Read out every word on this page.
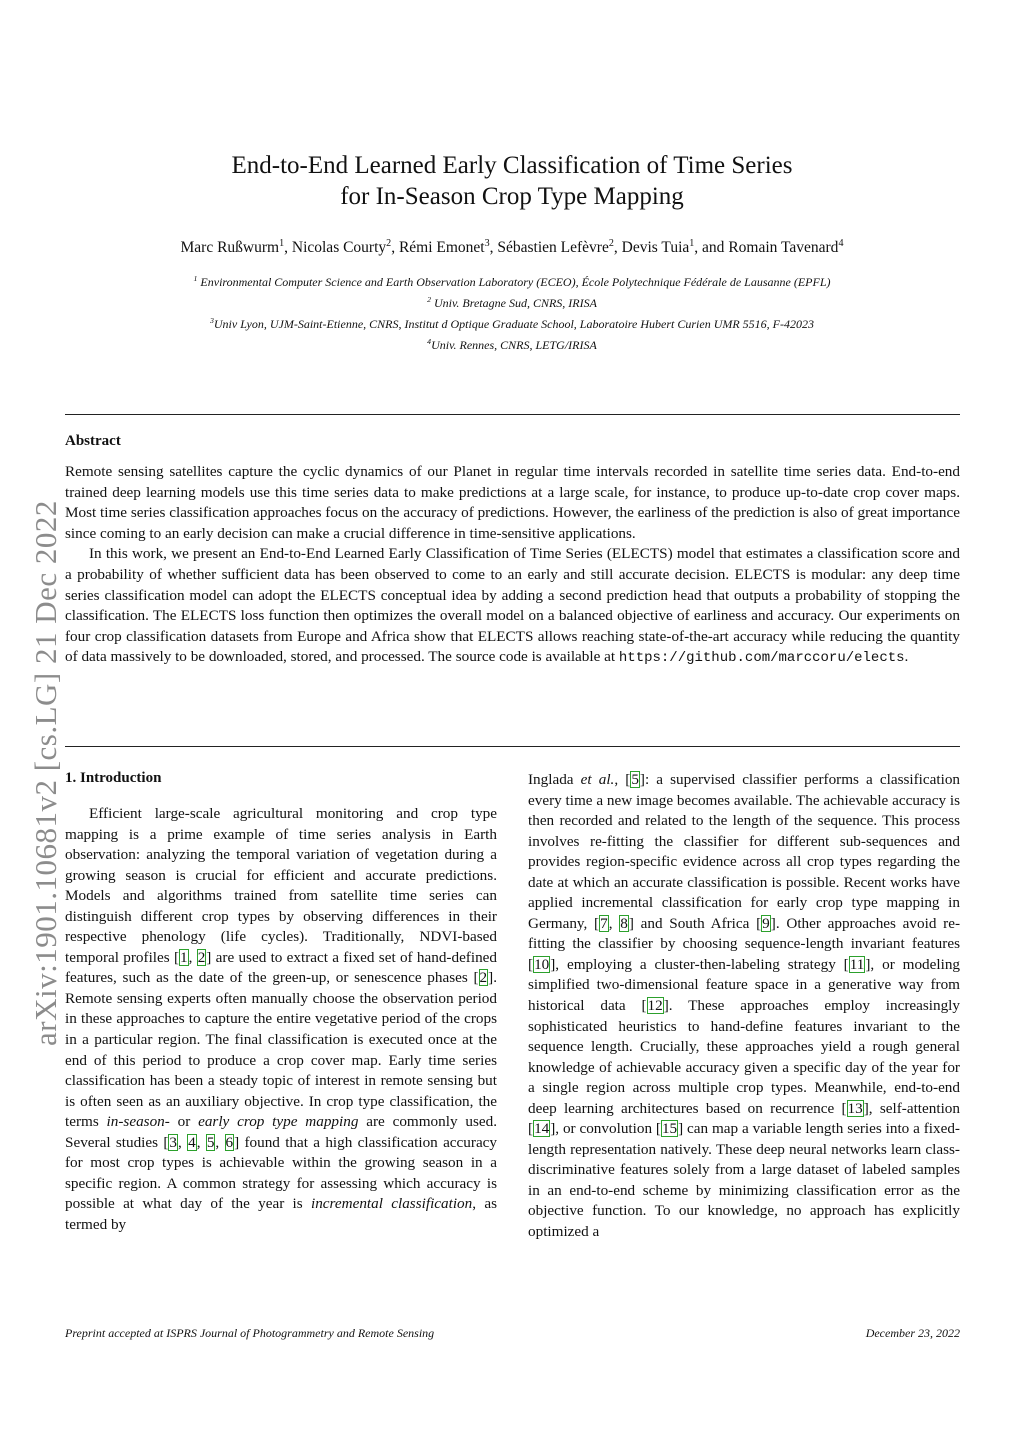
arXiv:1901.10681v2 [cs.LG] 21 Dec 2022
End-to-End Learned Early Classification of Time Series
for In-Season Crop Type Mapping
Marc Rußwurm$^1$, Nicolas Courty$^2$, Rémi Emonet$^3$, Sébastien Lefèvre$^2$, Devis Tuia$^1$, and Romain Tavenard$^4$
$^1$ Environmental Computer Science and Earth Observation Laboratory (ECEO), École Polytechnique Fédérale de Lausanne (EPFL)
$^2$ Univ. Bretagne Sud, CNRS, IRISA
$^3$Univ Lyon, UJM-Saint-Etienne, CNRS, Institut d Optique Graduate School, Laboratoire Hubert Curien UMR 5516, F-42023
$^4$Univ. Rennes, CNRS, LETG/IRISA
Abstract

Remote sensing satellites capture the cyclic dynamics of our Planet in regular time intervals recorded in satellite time series data. End-to-end trained deep learning models use this time series data to make predictions at a large scale, for instance, to produce up-to-date crop cover maps. Most time series classification approaches focus on the accuracy of predictions. However, the earliness of the prediction is also of great importance since coming to an early decision can make a crucial difference in time-sensitive applications.

In this work, we present an End-to-End Learned Early Classification of Time Series (ELECTS) model that estimates a classification score and a probability of whether sufficient data has been observed to come to an early and still accurate decision. ELECTS is modular: any deep time series classification model can adopt the ELECTS conceptual idea by adding a second prediction head that outputs a probability of stopping the classification. The ELECTS loss function then optimizes the overall model on a balanced objective of earliness and accuracy. Our experiments on four crop classification datasets from Europe and Africa show that ELECTS allows reaching state-of-the-art accuracy while reducing the quantity of data massively to be downloaded, stored, and processed. The source code is available at https://github.com/marccoru/elects.

1. Introduction
Efficient large-scale agricultural monitoring and crop type mapping is a prime example of time series analysis in Earth observation: analyzing the temporal variation of vegetation during a growing season is crucial for efficient and accurate predictions. Models and algorithms trained from satellite time series can distinguish different crop types by observing differences in their respective phenology (life cycles). Traditionally, NDVI-based temporal profiles [1, 2] are used to extract a fixed set of hand-defined features, such as the date of the green-up, or senescence phases [2]. Remote sensing experts often manually choose the observation period in these approaches to capture the entire vegetative period of the crops in a particular region. The final classification is executed once at the end of this period to produce a crop cover map. Early time series classification has been a steady topic of interest in remote sensing but is often seen as an auxiliary objective. In crop type classification, the terms in-season- or early crop type mapping are commonly used. Several studies [3, 4, 5, 6] found that a high classification accuracy for most crop types is achievable within the growing season in a specific region. A common strategy for assessing which accuracy is possible at what day of the year is incremental classification, as termed by
Inglada et al., [5]: a supervised classifier performs a classification every time a new image becomes available. The achievable accuracy is then recorded and related to the length of the sequence. This process involves re-fitting the classifier for different sub-sequences and provides region-specific evidence across all crop types regarding the date at which an accurate classification is possible. Recent works have applied incremental classification for early crop type mapping in Germany, [7, 8] and South Africa [9]. Other approaches avoid re-fitting the classifier by choosing sequence-length invariant features [10], employing a cluster-then-labeling strategy [11], or modeling simplified two-dimensional feature space in a generative way from historical data [12]. These approaches employ increasingly sophisticated heuristics to hand-define features invariant to the sequence length. Crucially, these approaches yield a rough general knowledge of achievable accuracy given a specific day of the year for a single region across multiple crop types. Meanwhile, end-to-end deep learning architectures based on recurrence [13], self-attention [14], or convolution [15] can map a variable length series into a fixed-length representation natively. These deep neural networks learn class-discriminative features solely from a large dataset of labeled samples in an end-to-end scheme by minimizing classification error as the objective function. To our knowledge, no approach has explicitly optimized a
Preprint accepted at ISPRS Journal of Photogrammetry and Remote Sensing	December 23, 2022
